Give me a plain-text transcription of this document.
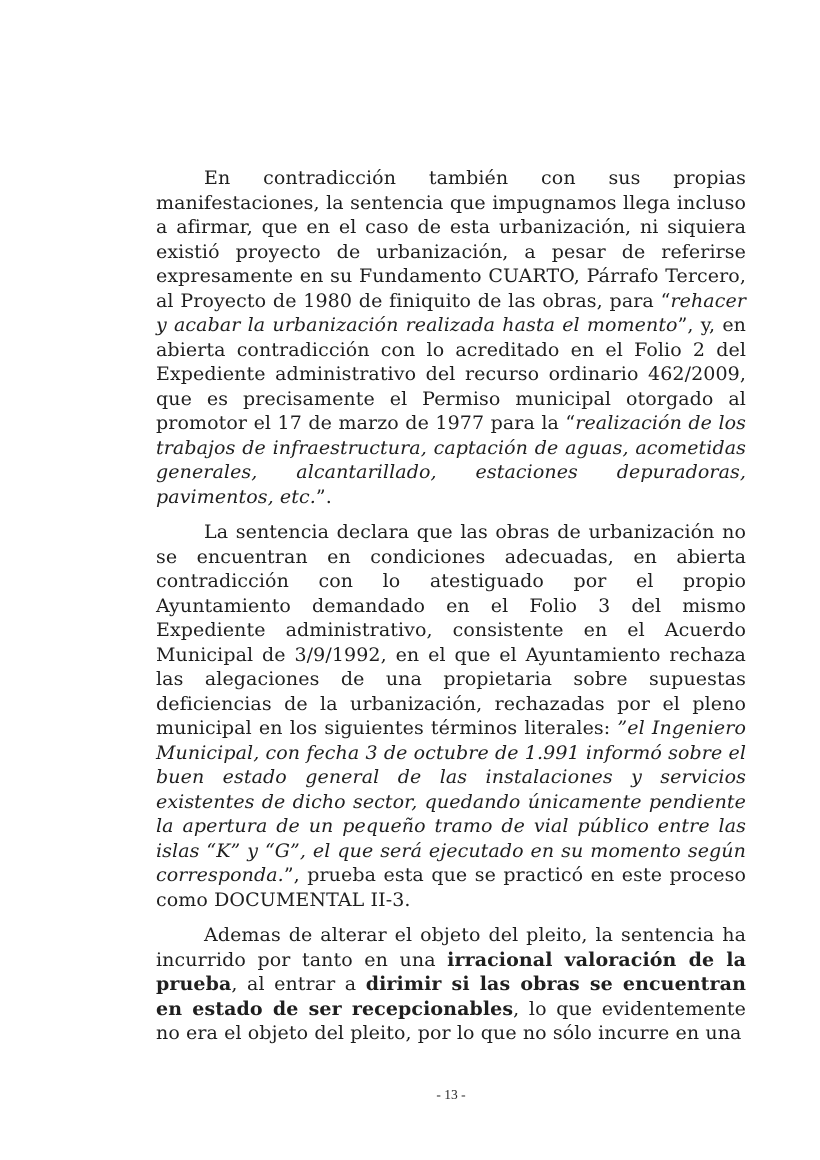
En contradicción también con sus propias manifestaciones, la sentencia que impugnamos llega incluso a afirmar, que en el caso de esta urbanización, ni siquiera existió proyecto de urbanización, a pesar de referirse expresamente en su Fundamento CUARTO, Párrafo Tercero, al Proyecto de 1980 de finiquito de las obras, para “rehacer y acabar la urbanización realizada hasta el momento”, y, en abierta contradicción con lo acreditado en el Folio 2 del Expediente administrativo del recurso ordinario 462/2009, que es precisamente el Permiso municipal otorgado al promotor el 17 de marzo de 1977 para la “realización de los trabajos de infraestructura, captación de aguas, acometidas generales, alcantarillado, estaciones depuradoras, pavimentos, etc.”.

La sentencia declara que las obras de urbanización no se encuentran en condiciones adecuadas, en abierta contradicción con lo atestiguado por el propio Ayuntamiento demandado en el Folio 3 del mismo Expediente administrativo, consistente en el Acuerdo Municipal de 3/9/1992, en el que el Ayuntamiento rechaza las alegaciones de una propietaria sobre supuestas deficiencias de la urbanización, rechazadas por el pleno municipal en los siguientes términos literales: ”el Ingeniero Municipal, con fecha 3 de octubre de 1.991 informó sobre el buen estado general de las instalaciones y servicios existentes de dicho sector, quedando únicamente pendiente la apertura de un pequeño tramo de vial público entre las islas “K” y “G”, el que será ejecutado en su momento según corresponda.”, prueba esta que se practicó en este proceso como DOCUMENTAL II-3.

Ademas de alterar el objeto del pleito, la sentencia ha incurrido por tanto en una irracional valoración de la prueba, al entrar a dirimir si las obras se encuentran en estado de ser recepcionables, lo que evidentemente no era el objeto del pleito, por lo que no sólo incurre en una

- 13 -
